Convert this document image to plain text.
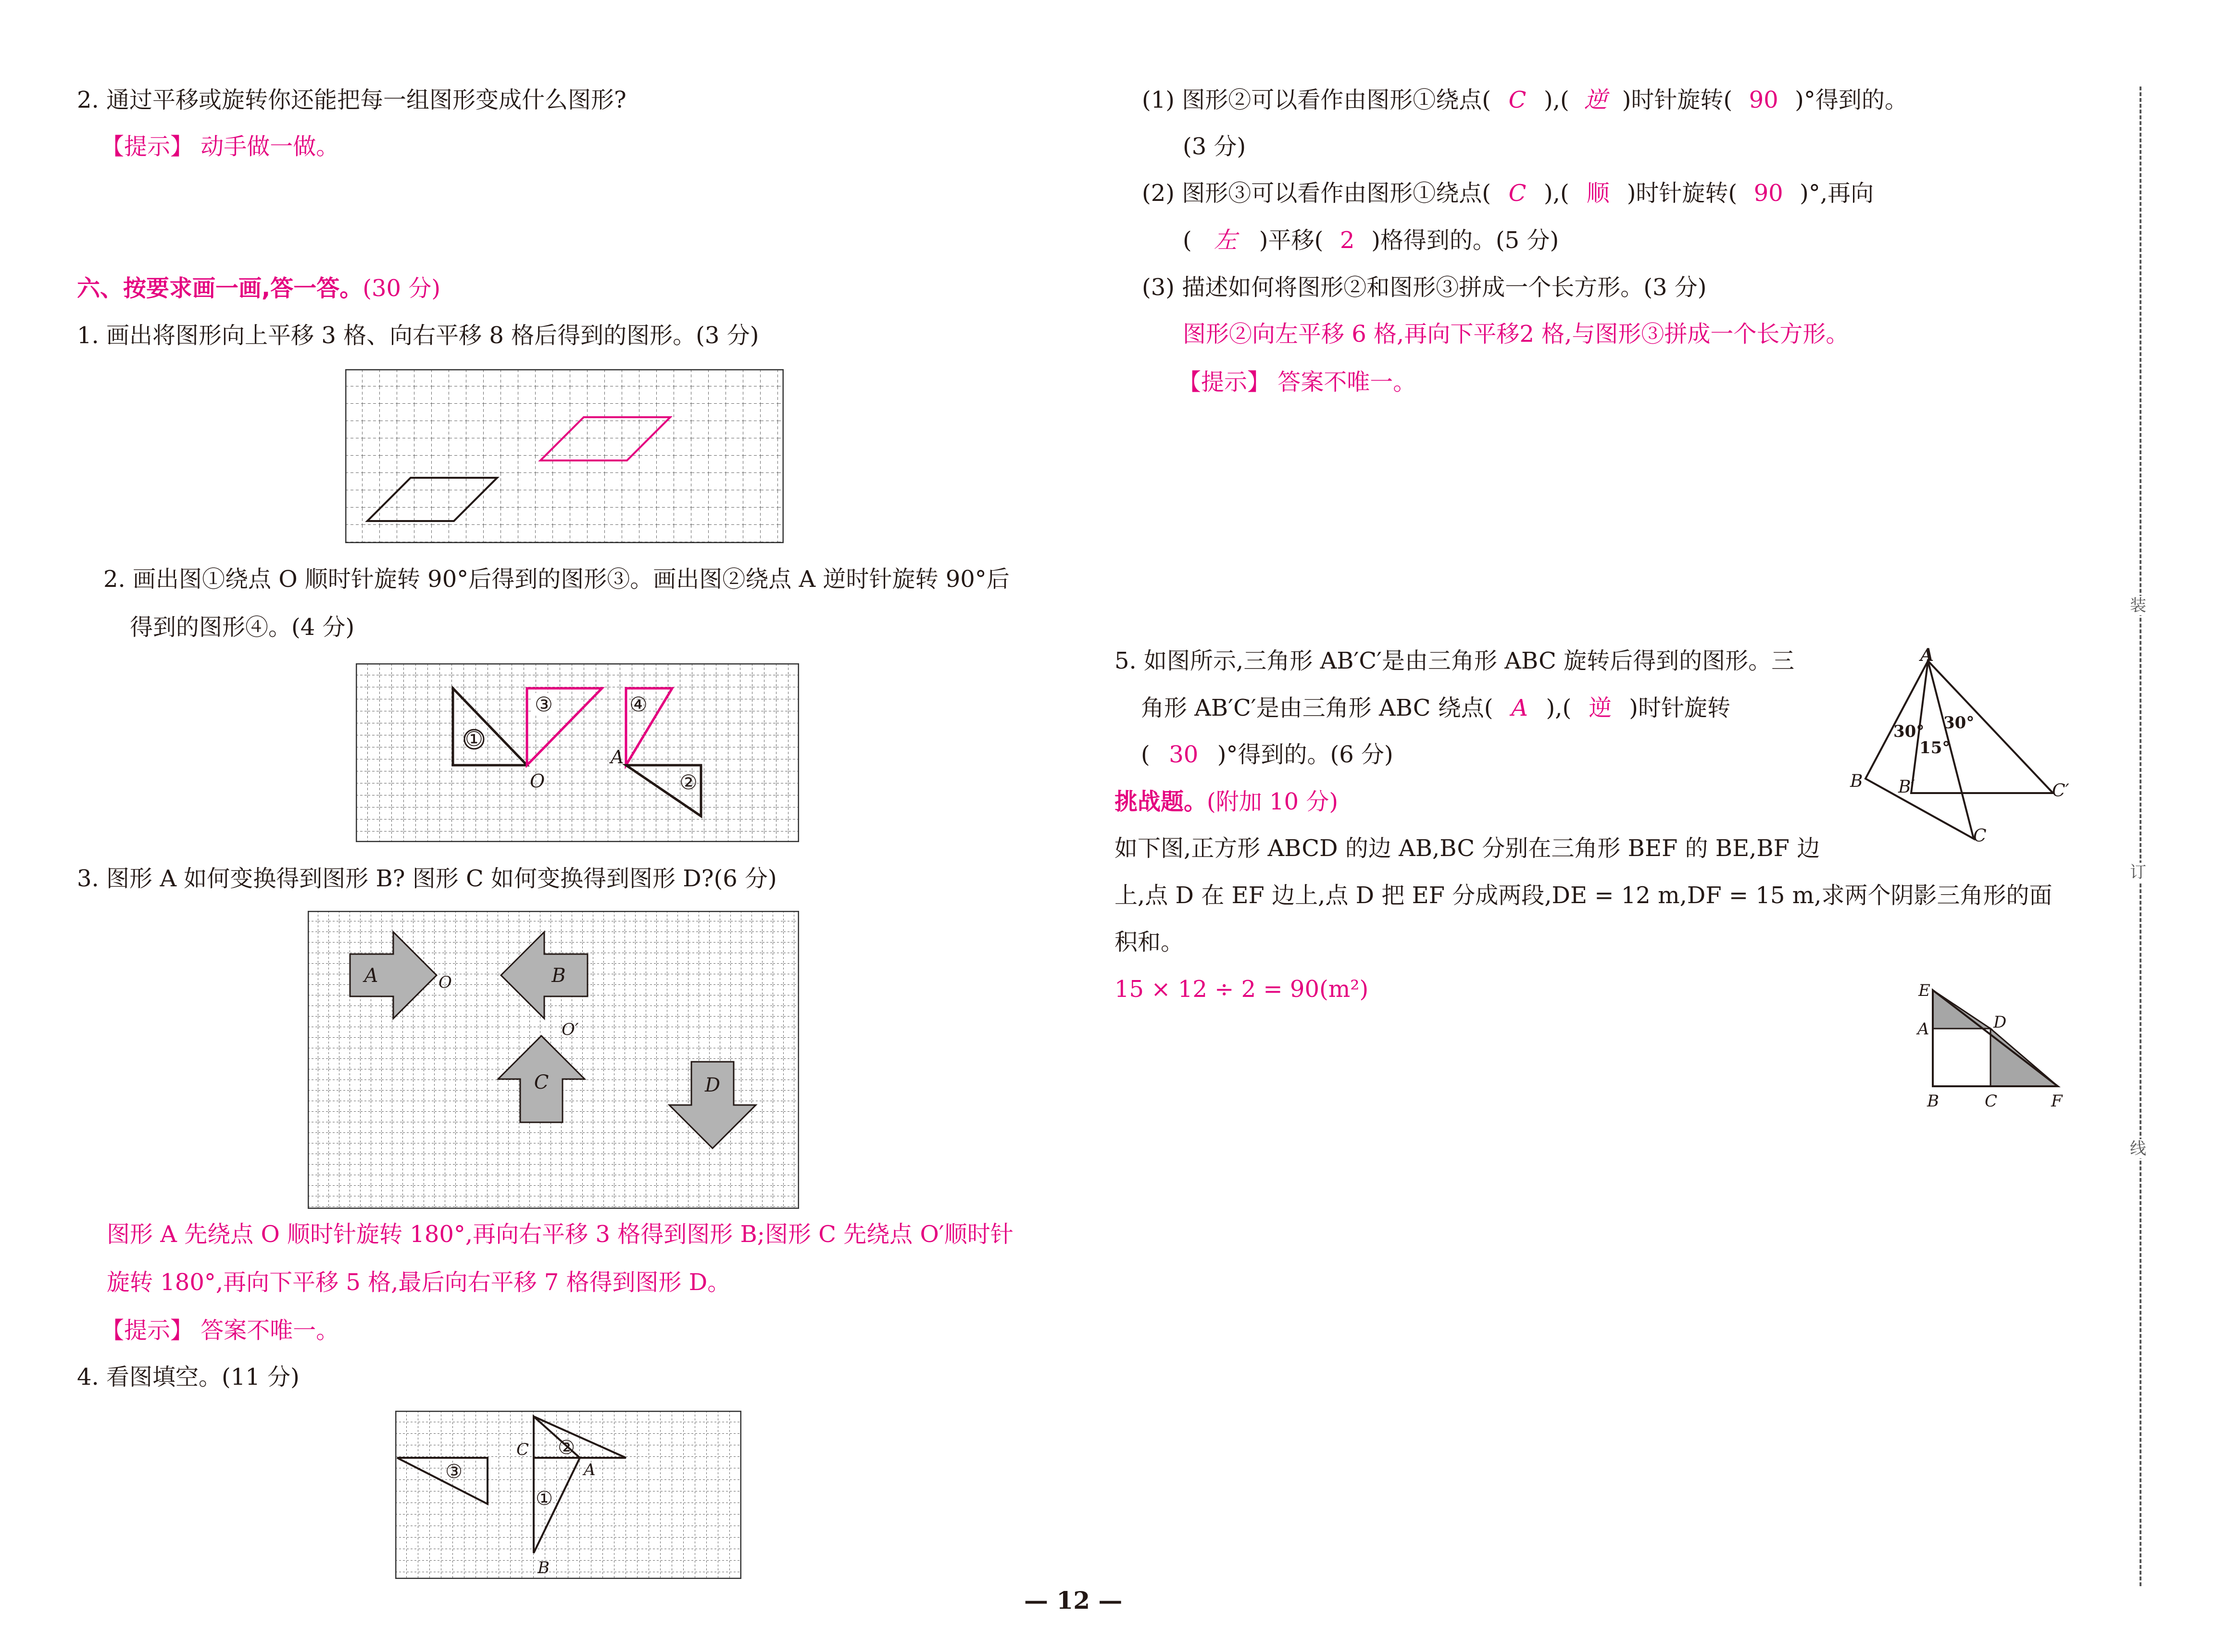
2. 通过平移或旋转你还能把每一组图形变成什么图形?
【提示】 动手做一做。
六、按要求画一画,答一答。(30 分)
1. 画出将图形向上平移 3 格、向右平移 8 格后得到的图形。(3 分)
2. 画出图①绕点 O 顺时针旋转 90°后得到的图形③。画出图②绕点 A 逆时针旋转 90°后
得到的图形④。(4 分)
①
③	④
②
O
A
3. 图形 A 如何变换得到图形 B? 图形 C 如何变换得到图形 D?(6 分)
A	B
C	D
O
O′
图形 A 先绕点 O 顺时针旋转 180°,再向右平移 3 格得到图形 B;图形 C 先绕点 O′顺时针
旋转 180°,再向下平移 5 格,最后向右平移 7 格得到图形 D。
【提示】 答案不唯一。
4. 看图填空。(11 分)
①
②
③	A
B
C
(1) 图形②可以看作由图形①绕点( C ),( 逆 )时针旋转( 90 )°得到的。
(3 分)
(2) 图形③可以看作由图形①绕点( C ),( 顺 )时针旋转( 90 )°,再向
( 左 )平移( 2 )格得到的。(5 分)
(3) 描述如何将图形②和图形③拼成一个长方形。(3 分)
图形②向左平移 6 格,再向下平移2 格,与图形③拼成一个长方形。
【提示】 答案不唯一。
5. 如图所示,三角形 AB′C′是由三角形 ABC 旋转后得到的图形。三
角形 AB′C′是由三角形 ABC 绕点( A ),( 逆 )时针旋转
( 30 )°得到的。(6 分)
A
B
C
B′	C′
30° 30°
15°
挑战题。(附加 10 分)
如下图,正方形 ABCD 的边 AB,BC 分别在三角形 BEF 的 BE,BF 边
上,点 D 在 EF 边上,点 D 把 EF 分成两段,DE = 12 m,DF = 15 m,求两个阴影三角形的面
积和。
15 × 12 ÷ 2 = 90(m²)	E
A	D
B	C	F
装
订
线
— 12 —
